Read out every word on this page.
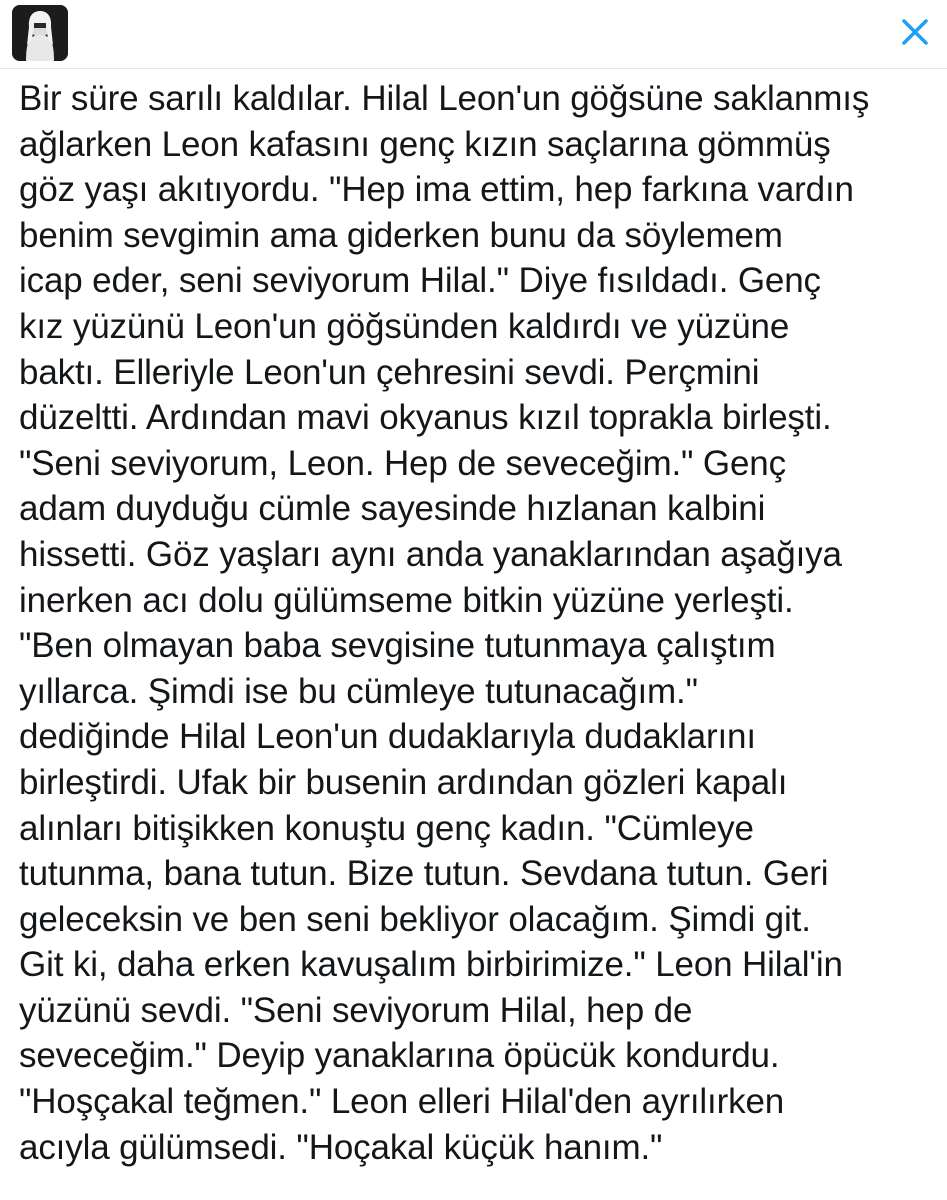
Bir süre sarılı kaldılar. Hilal Leon'un göğsüne saklanmış
ağlarken Leon kafasını genç kızın saçlarına gömmüş
göz yaşı akıtıyordu. "Hep ima ettim, hep farkına vardın
benim sevgimin ama giderken bunu da söylemem
icap eder, seni seviyorum Hilal." Diye fısıldadı. Genç
kız yüzünü Leon'un göğsünden kaldırdı ve yüzüne
baktı. Elleriyle Leon'un çehresini sevdi. Perçmini
düzeltti. Ardından mavi okyanus kızıl toprakla birleşti.
"Seni seviyorum, Leon. Hep de seveceğim." Genç
adam duyduğu cümle sayesinde hızlanan kalbini
hissetti. Göz yaşları aynı anda yanaklarından aşağıya
inerken acı dolu gülümseme bitkin yüzüne yerleşti.
"Ben olmayan baba sevgisine tutunmaya çalıştım
yıllarca. Şimdi ise bu cümleye tutunacağım."
dediğinde Hilal Leon'un dudaklarıyla dudaklarını
birleştirdi. Ufak bir busenin ardından gözleri kapalı
alınları bitişikken konuştu genç kadın. "Cümleye
tutunma, bana tutun. Bize tutun. Sevdana tutun. Geri
geleceksin ve ben seni bekliyor olacağım. Şimdi git.
Git ki, daha erken kavuşalım birbirimize." Leon Hilal'in
yüzünü sevdi. "Seni seviyorum Hilal, hep de
seveceğim." Deyip yanaklarına öpücük kondurdu.
"Hoşçakal teğmen." Leon elleri Hilal'den ayrılırken
acıyla gülümsedi. "Hoçakal küçük hanım."
